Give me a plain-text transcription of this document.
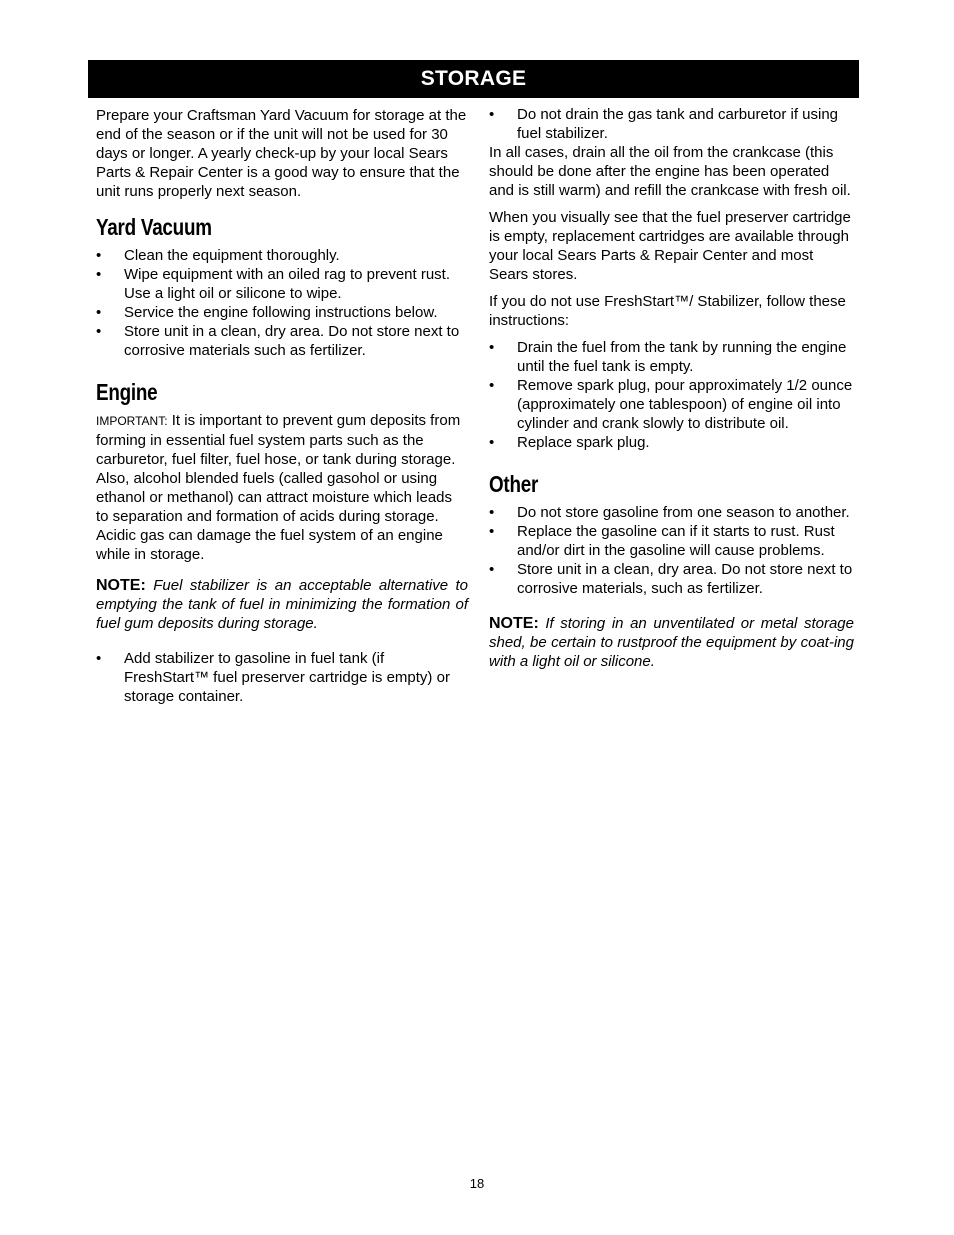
STORAGE

Prepare your Craftsman Yard Vacuum for storage at the end of the season or if the unit will not be used for 30 days or longer. A yearly check-up by your local Sears Parts & Repair Center is a good way to ensure that the unit runs properly next season.

Yard Vacuum
• Clean the equipment thoroughly.
• Wipe equipment with an oiled rag to prevent rust. Use a light oil or silicone to wipe.
• Service the engine following instructions below.
• Store unit in a clean, dry area. Do not store next to corrosive materials such as fertilizer.
Engine

IMPORTANT: It is important to prevent gum deposits from forming in essential fuel system parts such as the carburetor, fuel filter, fuel hose, or tank during storage. Also, alcohol blended fuels (called gasohol or using ethanol or methanol) can attract moisture which leads to separation and formation of acids during storage. Acidic gas can damage the fuel system of an engine while in storage.

NOTE: Fuel stabilizer is an acceptable alternative to emptying the tank of fuel in minimizing the formation of fuel gum deposits during storage.

• Add stabilizer to gasoline in fuel tank (if FreshStart™ fuel preserver cartridge is empty) or storage container.
• Do not drain the gas tank and carburetor if using fuel stabilizer.

In all cases, drain all the oil from the crankcase (this should be done after the engine has been operated and is still warm) and refill the crankcase with fresh oil.

When you visually see that the fuel preserver cartridge is empty, replacement cartridges are available through your local Sears Parts & Repair Center and most Sears stores.

If you do not use FreshStart™/ Stabilizer, follow these instructions:

• Drain the fuel from the tank by running the engine until the fuel tank is empty.
• Remove spark plug, pour approximately 1/2 ounce (approximately one tablespoon) of engine oil into cylinder and crank slowly to distribute oil.
• Replace spark plug.
Other
• Do not store gasoline from one season to another.
• Replace the gasoline can if it starts to rust. Rust and/or dirt in the gasoline will cause problems.
• Store unit in a clean, dry area. Do not store next to corrosive materials, such as fertilizer.

NOTE: If storing in an unventilated or metal storage shed, be certain to rustproof the equipment by coat-ing with a light oil or silicone.

18
